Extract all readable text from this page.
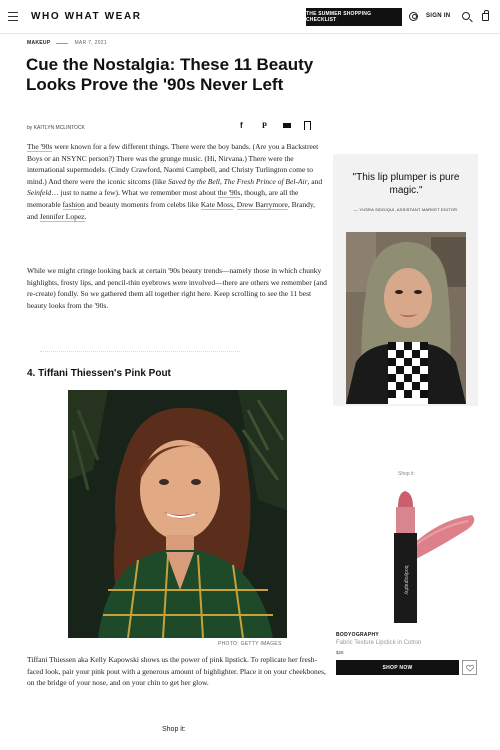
WHO WHAT WEAR	THE SUMMER SHOPPING CHECKLIST
SIGN IN
MAKEUP	MAR 7, 2021
Cue the Nostalgia: These 11 Beauty Looks Prove the '90s Never Left
by KAITLYN MCLINTOCK	f P

The '90s were known for a few different things. There were the boy bands. (Are you a Backstreet Boys or an NSYNC person?) There was the grunge music. (Hi, Nirvana.) There were the international supermodels. (Cindy Crawford, Naomi Campbell, and Christy Turlington come to mind.) And there were the iconic sitcoms (like Saved by the Bell, The Fresh Prince of Bel-Air, and Seinfeld… just to name a few). What we remember most about the '90s, though, are all the memorable fashion and beauty moments from celebs like Kate Moss, Drew Barrymore, Brandy, and Jennifer Lopez.

While we might cringe looking back at certain '90s beauty trends—namely those in which chunky highlights, frosty lips, and pencil-thin eyebrows were involved—there are others we remember (and re-create) fondly. So we gathered them all together right here. Keep scrolling to see the 11 best beauty looks from the '90s.

4. Tiffani Thiessen's Pink Pout
PHOTO: GETTY IMAGES

Tiffani Thiessen aka Kelly Kapowski shows us the power of pink lipstick. To replicate her fresh-faced look, pair your pink pout with a generous amount of highlighter. Place it on your cheekbones, on the bridge of your nose, and on your chin to get her glow.

Shop it:
"This lip plumper is pure magic."
— YUSRA SIDDIQUI, ASSISTANT MARKET EDITOR
Shop it:
bodyography
BODYOGRAPHY
Fabric Texture Lipstick in Cotton
$28
SHOP NOW
